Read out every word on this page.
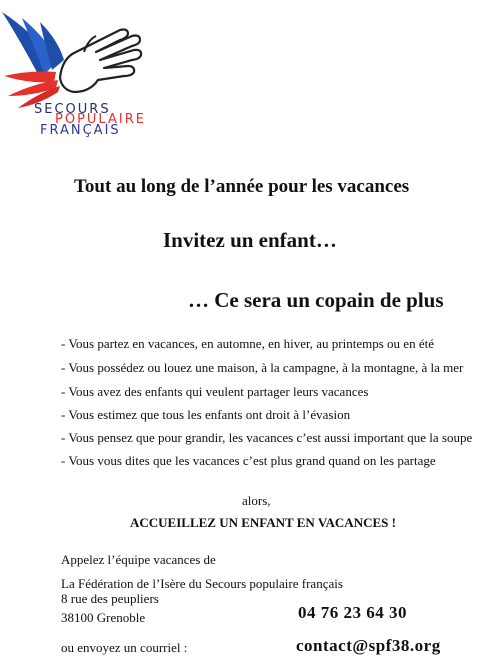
SECOURS
POPULAIRE
FRANÇAIS
Tout au long de l’année pour les vacances
Invitez un enfant…
… Ce sera un copain de plus
- Vous partez en vacances, en automne, en hiver, au printemps ou en été
- Vous possédez ou louez une maison, à la campagne, à la montagne, à la mer
- Vous avez des enfants qui veulent partager leurs vacances
- Vous estimez que tous les enfants ont droit à l’évasion
- Vous pensez que pour grandir, les vacances c’est aussi important que la soupe
- Vous vous dites que les vacances c’est plus grand quand on les partage
alors,
ACCUEILLEZ UN ENFANT EN VACANCES !
Appelez l’équipe vacances de
La Fédération de l’Isère du Secours populaire français
8 rue des peupliers
38100 Grenoble	04 76 23 64 30
ou envoyez un courriel :	contact@spf38.org
